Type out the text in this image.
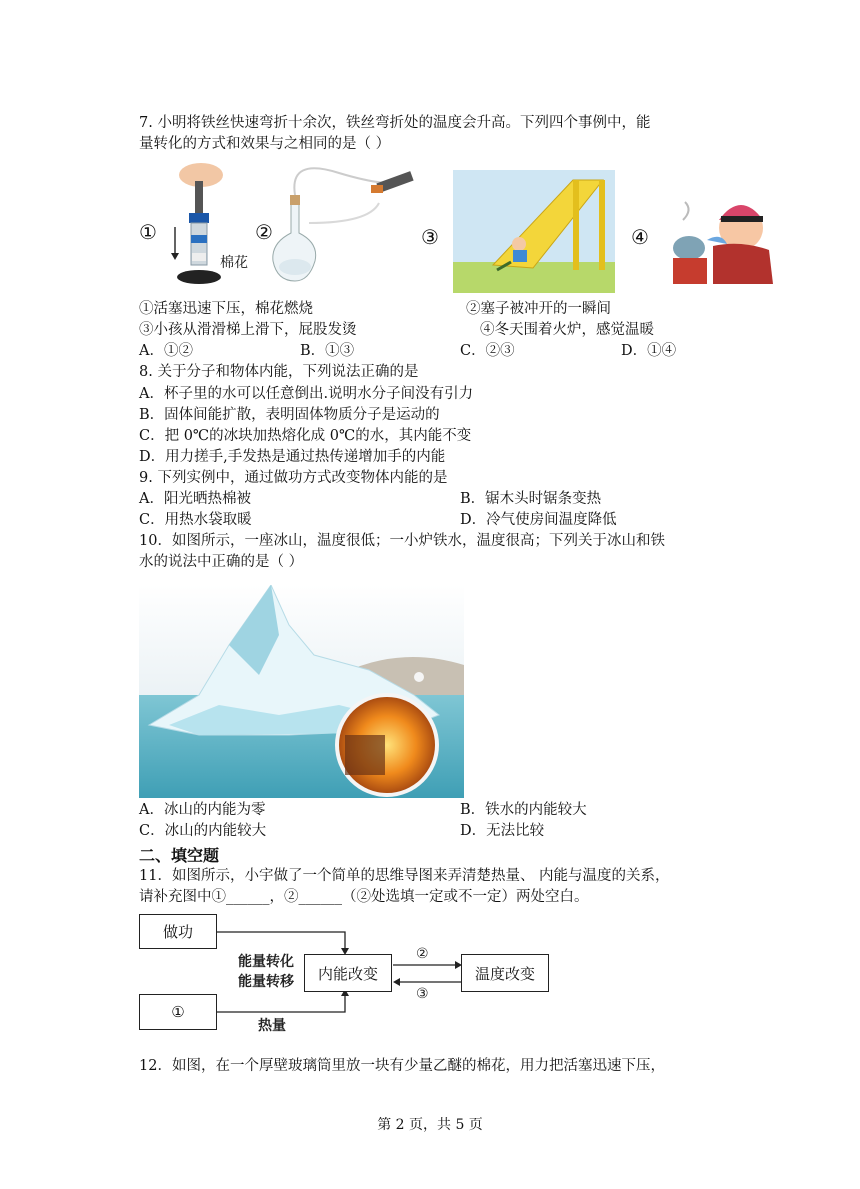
7. 小明将铁丝快速弯折十余次，铁丝弯折处的温度会升高。下列四个事例中，能
量转化的方式和效果与之相同的是（ ）
①	②
棉花
③	④
①活塞迅速下压，棉花燃烧	②塞子被冲开的一瞬间
③小孩从滑滑梯上滑下，屁股发烫	④冬天围着火炉，感觉温暖
A．①②	B．①③	C．②③	D．①④
8. 关于分子和物体内能，下列说法正确的是
A．杯子里的水可以任意倒出.说明水分子间没有引力
B．固体间能扩散，表明固体物质分子是运动的
C．把 0℃的冰块加热熔化成 0℃的水，其内能不变
D．用力搓手,手发热是通过热传递增加手的内能
9. 下列实例中，通过做功方式改变物体内能的是
A．阳光晒热棉被	B．锯木头时锯条变热
C．用热水袋取暖	D．冷气使房间温度降低
10．如图所示，一座冰山，温度很低；一小炉铁水，温度很高；下列关于冰山和铁
水的说法中正确的是（ ）
A．冰山的内能为零	B．铁水的内能较大
C．冰山的内能较大	D．无法比较
二、填空题
11．如图所示，小宇做了一个简单的思维导图来弄清楚热量、 内能与温度的关系，
请补充图中①______，②______（②处选填一定或不一定）两处空白。
做功
①
内能改变	温度改变
能量转化
能量转移
热量
②
③
12．如图，在一个厚壁玻璃筒里放一块有少量乙醚的棉花，用力把活塞迅速下压，
第 2 页，共 5 页
